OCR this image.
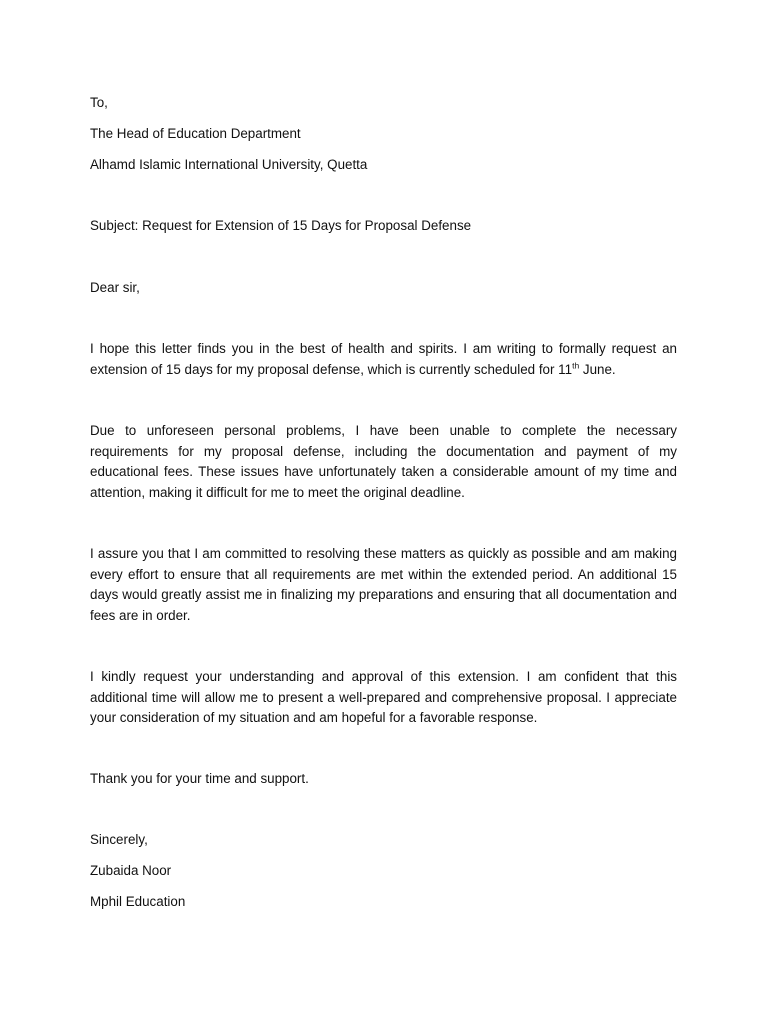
To,

The Head of Education Department

Alhamd Islamic International University, Quetta

Subject: Request for Extension of 15 Days for Proposal Defense

Dear sir,

I hope this letter finds you in the best of health and spirits. I am writing to formally request an extension of 15 days for my proposal defense, which is currently scheduled for 11th June.

Due to unforeseen personal problems, I have been unable to complete the necessary requirements for my proposal defense, including the documentation and payment of my educational fees. These issues have unfortunately taken a considerable amount of my time and attention, making it difficult for me to meet the original deadline.

I assure you that I am committed to resolving these matters as quickly as possible and am making every effort to ensure that all requirements are met within the extended period. An additional 15 days would greatly assist me in finalizing my preparations and ensuring that all documentation and fees are in order.

I kindly request your understanding and approval of this extension. I am confident that this additional time will allow me to present a well-prepared and comprehensive proposal. I appreciate your consideration of my situation and am hopeful for a favorable response.

Thank you for your time and support.

Sincerely,

Zubaida Noor

Mphil Education
